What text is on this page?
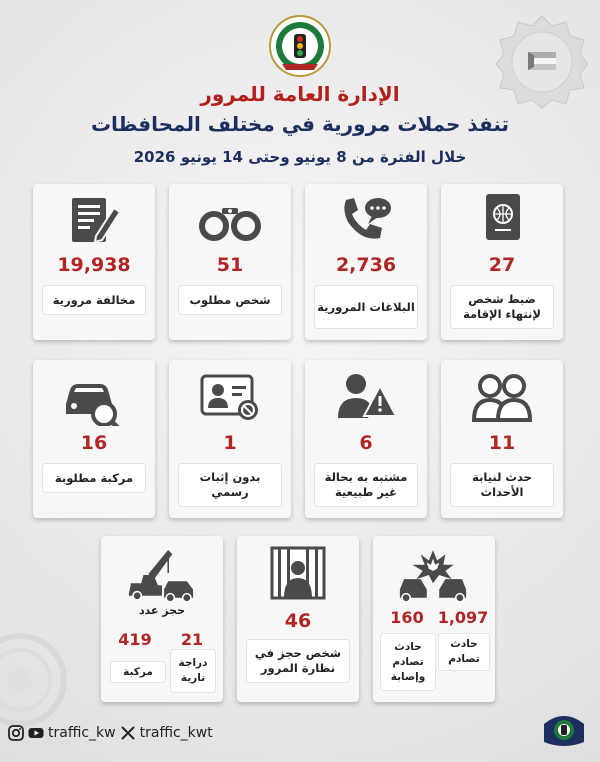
الإدارة العامة للمرور
تنفذ حملات مرورية في مختلف المحافظات
خلال الفترة من 8 يونيو وحتى 14 يونيو 2026
27
ضبط شخص لإنتهاء الإقامة
2,736
البلاغات المرورية
51
شخص مطلوب
19,938
مخالفة مرورية
11
حدث لنيابة الأحداث
6
مشتبه به بحالة غير طبيعية
1
بدون إثبات رسمي
16
مركبة مطلوبة
1,097
160
حادث تصادم
حادث تصادم وإصابة
46
شخص حجز في نظارة المرور
حجز عدد
21
419
دراجة نارية
مركبة
traffic_kw traffic_kwt
